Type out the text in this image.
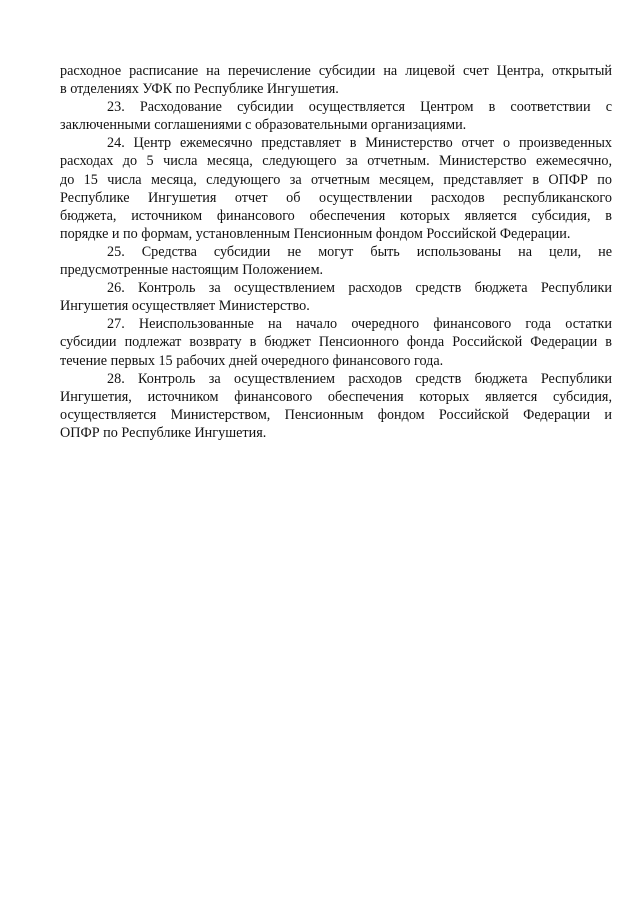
расходное расписание на перечисление субсидии на лицевой счет Центра, открытый
в отделениях УФК по Республике Ингушетия.

23. Расходование субсидии осуществляется Центром в соответствии с
заключенными соглашениями с образовательными организациями.

24. Центр ежемесячно представляет в Министерство отчет о произведенных
расходах до 5 числа месяца, следующего за отчетным. Министерство ежемесячно,
до 15 числа месяца, следующего за отчетным месяцем, представляет в ОПФР по
Республике Ингушетия отчет об осуществлении расходов республиканского
бюджета, источником финансового обеспечения которых является субсидия, в
порядке и по формам, установленным Пенсионным фондом Российской Федерации.

25. Средства субсидии не могут быть использованы на цели, не
предусмотренные настоящим Положением.

26. Контроль за осуществлением расходов средств бюджета Республики
Ингушетия осуществляет Министерство.

27. Неиспользованные на начало очередного финансового года остатки
субсидии подлежат возврату в бюджет Пенсионного фонда Российской Федерации в
течение первых 15 рабочих дней очередного финансового года.

28. Контроль за осуществлением расходов средств бюджета Республики
Ингушетия, источником финансового обеспечения которых является субсидия,
осуществляется Министерством, Пенсионным фондом Российской Федерации и
ОПФР по Республике Ингушетия.
